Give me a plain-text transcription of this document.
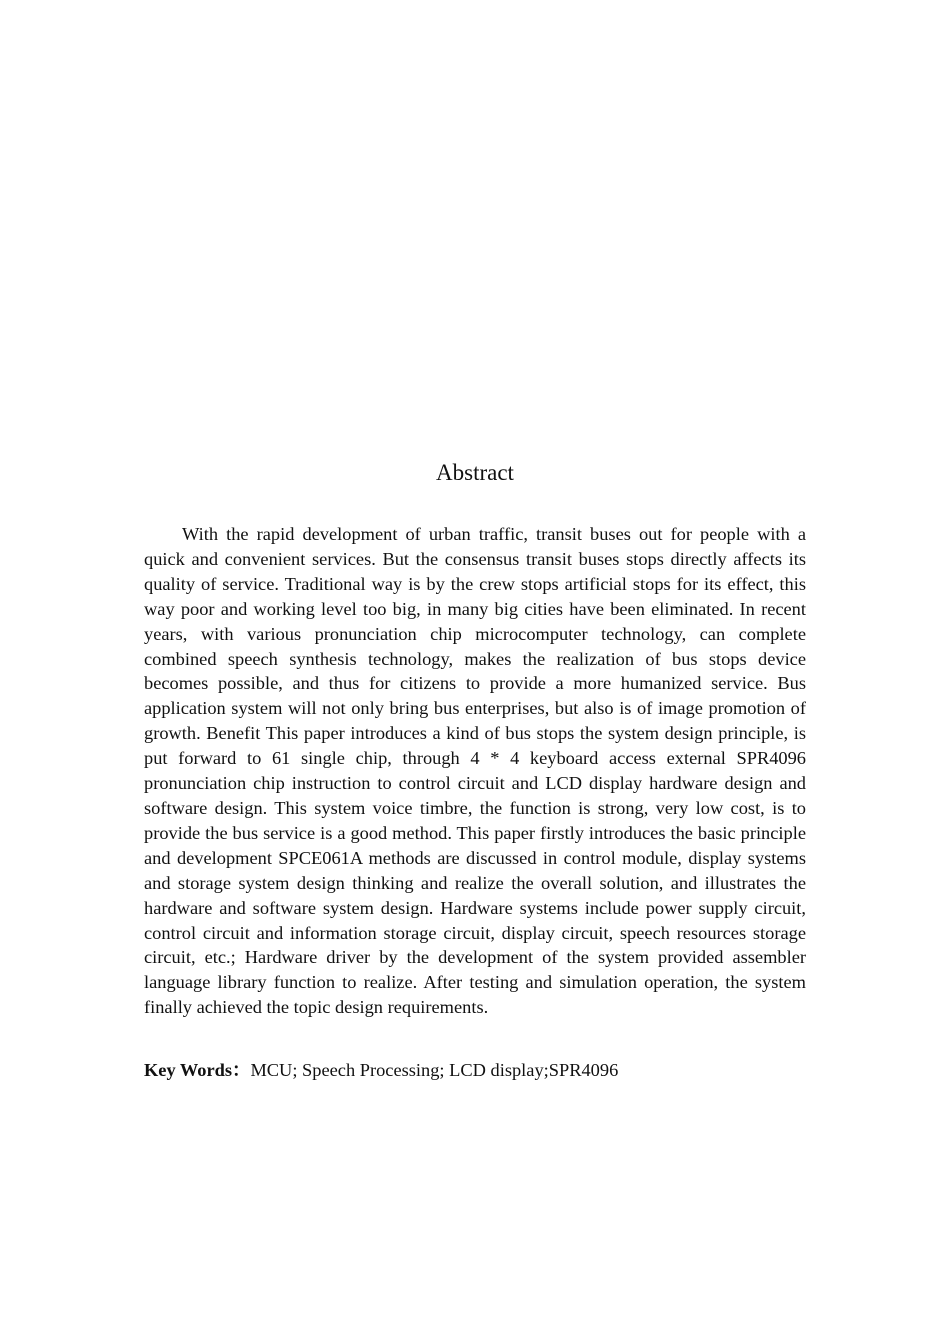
Abstract

With the rapid development of urban traffic, transit buses out for people with a quick and convenient services. But the consensus transit buses stops directly affects its quality of service. Traditional way is by the crew stops artificial stops for its effect, this way poor and working level too big, in many big cities have been eliminated. In recent years, with various pronunciation chip microcomputer technology, can complete combined speech synthesis technology, makes the realization of bus stops device becomes possible, and thus for citizens to provide a more humanized service. Bus application system will not only bring bus enterprises, but also is of image promotion of growth. Benefit This paper introduces a kind of bus stops the system design principle, is put forward to 61 single chip, through 4 * 4 keyboard access external SPR4096 pronunciation chip instruction to control circuit and LCD display hardware design and software design. This system voice timbre, the function is strong, very low cost, is to provide the bus service is a good method. This paper firstly introduces the basic principle and development SPCE061A methods are discussed in control module, display systems and storage system design thinking and realize the overall solution, and illustrates the hardware and software system design. Hardware systems include power supply circuit, control circuit and information storage circuit, display circuit, speech resources storage circuit, etc.; Hardware driver by the development of the system provided assembler language library function to realize. After testing and simulation operation, the system finally achieved the topic design requirements.

Key Words：MCU; Speech Processing; LCD display;SPR4096
